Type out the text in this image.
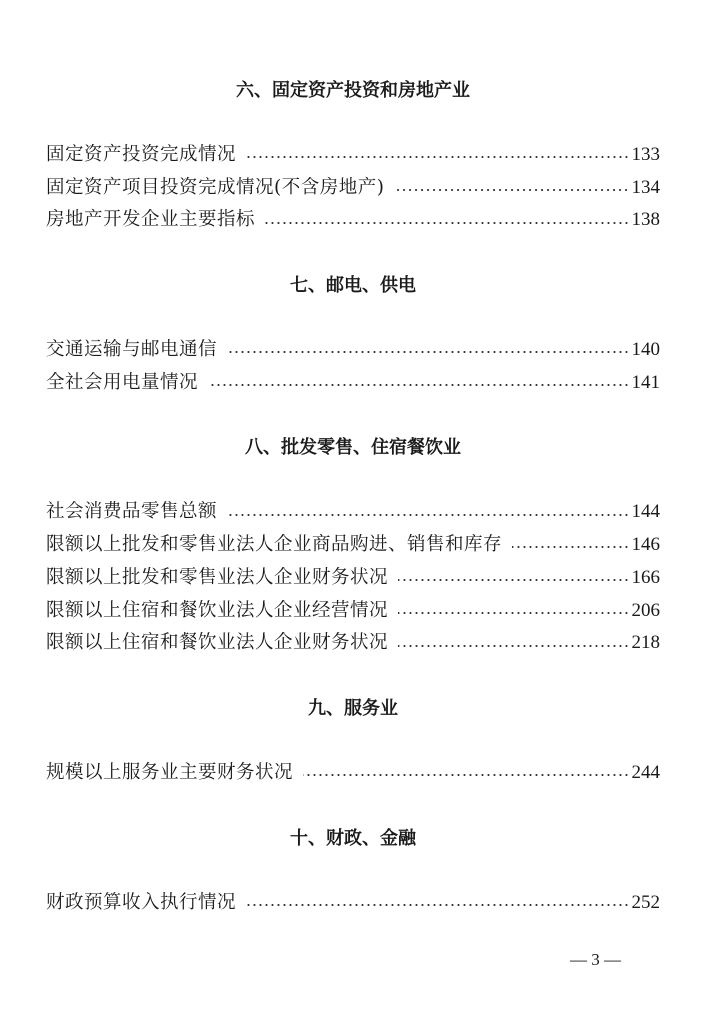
六、固定资产投资和房地产业
固定资产投资完成情况	133
固定资产项目投资完成情况(不含房地产)	134
房地产开发企业主要指标	138
七、邮电、供电
交通运输与邮电通信	140
全社会用电量情况	141
八、批发零售、住宿餐饮业
社会消费品零售总额	144
限额以上批发和零售业法人企业商品购进、销售和库存	146
限额以上批发和零售业法人企业财务状况	166
限额以上住宿和餐饮业法人企业经营情况	206
限额以上住宿和餐饮业法人企业财务状况	218
九、服务业
规模以上服务业主要财务状况	244
十、财政、金融
财政预算收入执行情况	252
— 3 —
